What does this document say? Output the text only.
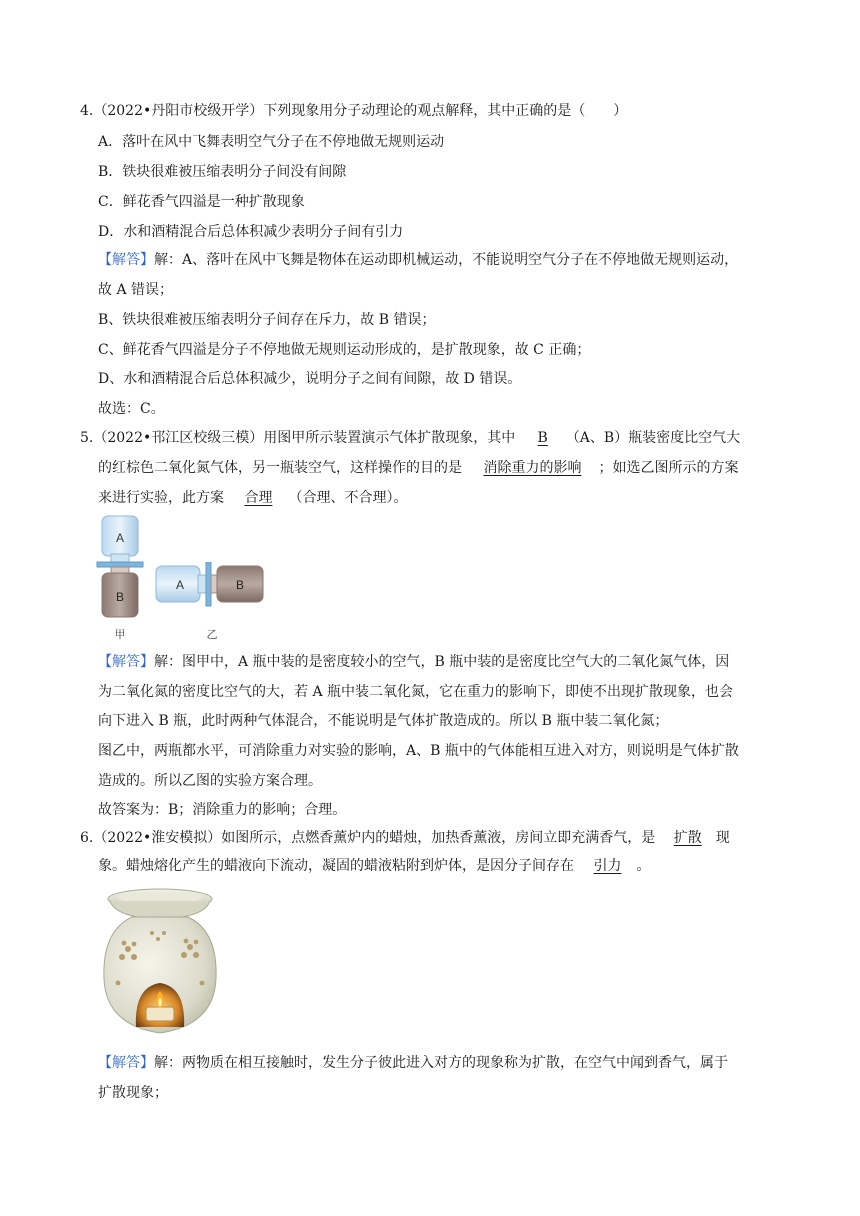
4.（2022•丹阳市校级开学）下列现象用分子动理论的观点解释，其中正确的是（　　）
A．落叶在风中飞舞表明空气分子在不停地做无规则运动
B．铁块很难被压缩表明分子间没有间隙
C．鲜花香气四溢是一种扩散现象
D．水和酒精混合后总体积减少表明分子间有引力
【解答】解：A、落叶在风中飞舞是物体在运动即机械运动，不能说明空气分子在不停地做无规则运动，
故 A 错误；
B、铁块很难被压缩表明分子间存在斥力，故 B 错误；
C、鲜花香气四溢是分子不停地做无规则运动形成的，是扩散现象，故 C 正确；
D、水和酒精混合后总体积减少，说明分子之间有间隙，故 D 错误。
故选：C。
5.（2022•邗江区校级三模）用图甲所示装置演示气体扩散现象，其中 B （A、B）瓶装密度比空气大
的红棕色二氧化氮气体，另一瓶装空气，这样操作的目的是 消除重力的影响 ；如选乙图所示的方案
来进行实验，此方案 合理 （合理、不合理）。
A
B
甲
A	B
乙
【解答】解：图甲中，A 瓶中装的是密度较小的空气，B 瓶中装的是密度比空气大的二氧化氮气体，因
为二氧化氮的密度比空气的大，若 A 瓶中装二氧化氮，它在重力的影响下，即使不出现扩散现象，也会
向下进入 B 瓶，此时两种气体混合，不能说明是气体扩散造成的。所以 B 瓶中装二氧化氮；
图乙中，两瓶都水平，可消除重力对实验的影响，A、B 瓶中的气体能相互进入对方，则说明是气体扩散
造成的。所以乙图的实验方案合理。
故答案为：B；消除重力的影响；合理。
6.（2022•淮安模拟）如图所示，点燃香薰炉内的蜡烛，加热香薰液，房间立即充满香气，是 扩散 现
象。蜡烛熔化产生的蜡液向下流动，凝固的蜡液粘附到炉体，是因分子间存在 引力 。
【解答】解：两物质在相互接触时，发生分子彼此进入对方的现象称为扩散，在空气中闻到香气，属于
扩散现象；
